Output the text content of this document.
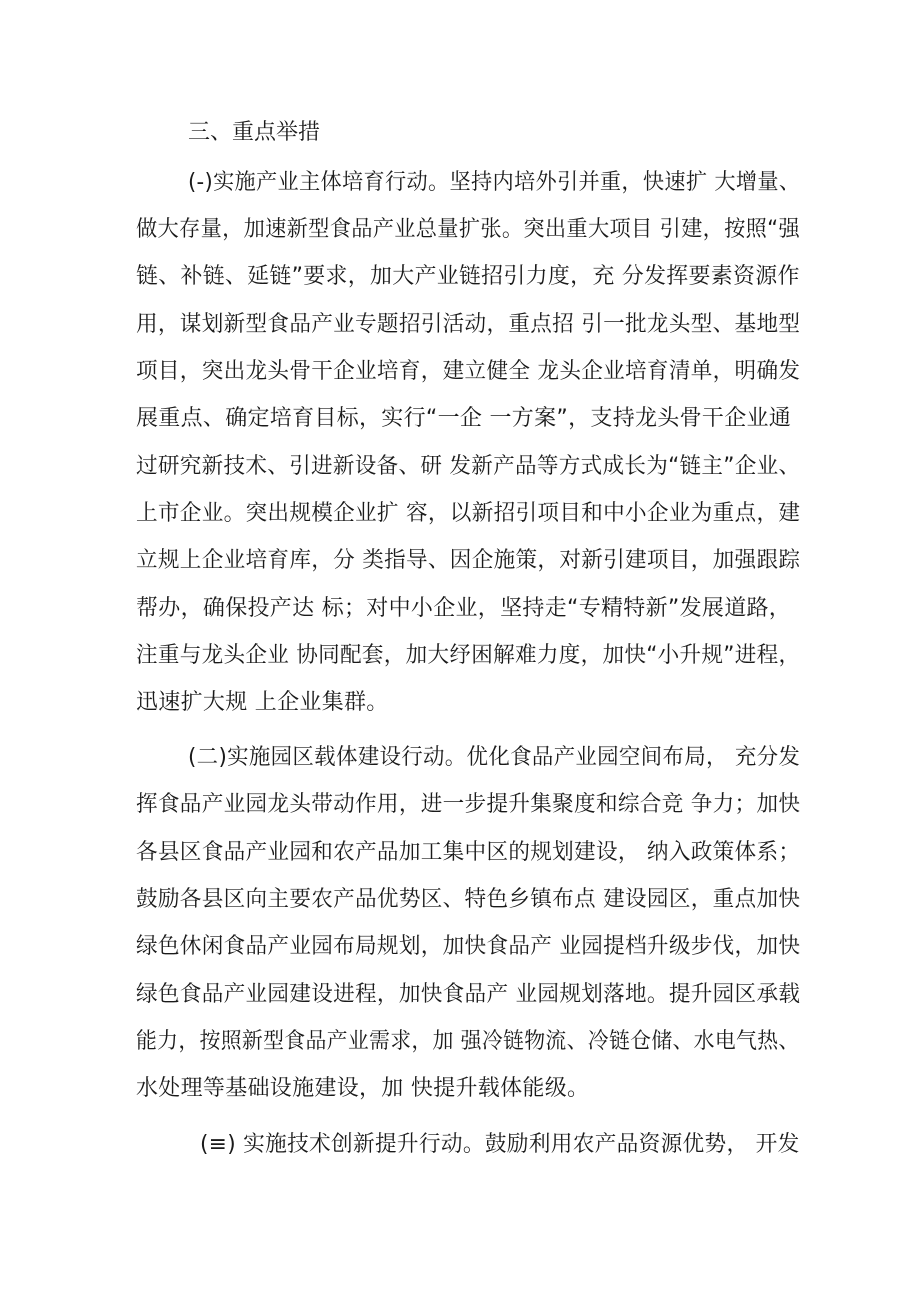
三、重点举措
(-)实施产业主体培育行动。坚持内培外引并重，快速扩 大增量、
做大存量，加速新型食品产业总量扩张。突出重大项目 引建，按照“强
链、补链、延链”要求，加大产业链招引力度，充 分发挥要素资源作
用，谋划新型食品产业专题招引活动，重点招 引一批龙头型、基地型
项目，突出龙头骨干企业培育，建立健全 龙头企业培育清单，明确发
展重点、确定培育目标，实行“一企 一方案”，支持龙头骨干企业通
过研究新技术、引进新设备、研 发新产品等方式成长为“链主”企业、
上市企业。突出规模企业扩 容，以新招引项目和中小企业为重点，建
立规上企业培育库，分 类指导、因企施策，对新引建项目，加强跟踪
帮办，确保投产达 标；对中小企业，坚持走“专精特新”发展道路，
注重与龙头企业 协同配套，加大纾困解难力度，加快“小升规”进程，
迅速扩大规 上企业集群。
(二)实施园区载体建设行动。优化食品产业园空间布局， 充分发
挥食品产业园龙头带动作用，进一步提升集聚度和综合竞 争力；加快
各县区食品产业园和农产品加工集中区的规划建设， 纳入政策体系；
鼓励各县区向主要农产品优势区、特色乡镇布点 建设园区，重点加快
绿色休闲食品产业园布局规划，加快食品产 业园提档升级步伐，加快
绿色食品产业园建设进程，加快食品产 业园规划落地。提升园区承载
能力，按照新型食品产业需求，加 强冷链物流、冷链仓储、水电气热、
水处理等基础设施建设，加 快提升载体能级。
(≡) 实施技术创新提升行动。鼓励利用农产品资源优势， 开发
